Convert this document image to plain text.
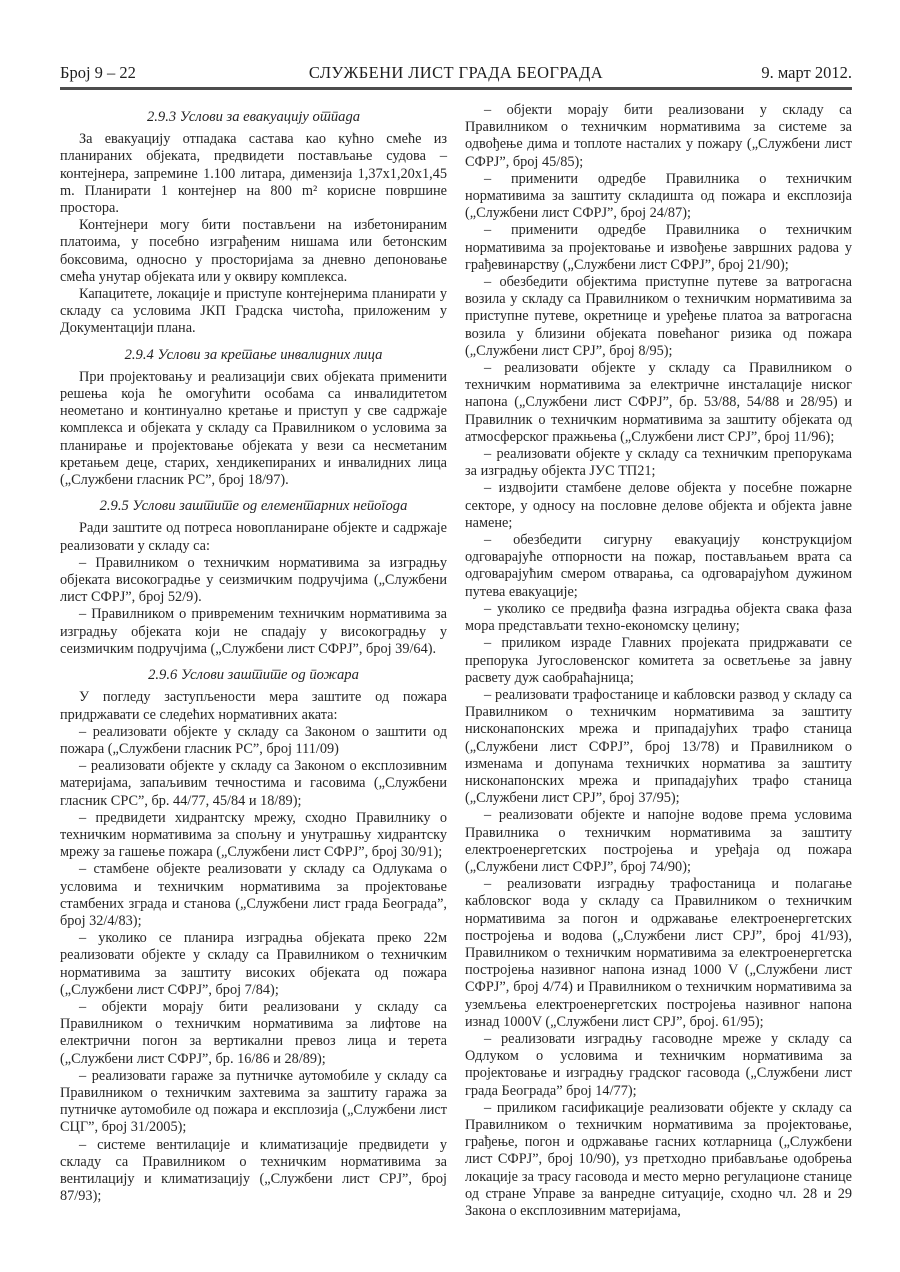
Број 9 – 22	СЛУЖБЕНИ ЛИСТ ГРАДА БЕОГРАДА	9. март 2012.
2.9.3 Услови за евакуацију отпада

За евакуацију отпадака састава као кућно смеће из планираних објеката, предвидети постављање судова – контејнера, запремине 1.100 литара, димензија 1,37x1,20x1,45 m. Планирати 1 контејнер на 800 m² корисне површине простора.

Контејнери могу бити постављени на избетонираним платоима, у посебно изграђеним нишама или бетонским боксовима, односно у просторијама за дневно депоновање смећа унутар објеката или у оквиру комплекса.

Капацитете, локације и приступе контејнерима планирати у складу са условима ЈКП Градска чистоћа, приложеним у Документацији плана.

2.9.4 Услови за кретање инвалидних лица

При пројектовању и реализацији свих објеката применити решења која ће омогућити особама са инвалидитетом неометано и континуално кретање и приступ у све садржаје комплекса и објеката у складу са Правилником о условима за планирање и пројектовање објеката у вези са несметаним кретањем деце, старих, хендикепираних и инвалидних лица („Службени гласник РС”, број 18/97).

2.9.5 Услови заштите од елементарних непогода

Ради заштите од потреса новопланиране објекте и садржаје реализовати у складу са:

– Правилником о техничким нормативима за изградњу објеката високоградње у сеизмичким подручјима („Службени лист СФРЈ”, број 52/9).

– Правилником о привременим техничким нормативима за изградњу објеката који не спадају у високоградњу у сеизмичким подручјима („Службени лист СФРЈ”, број 39/64).

2.9.6 Услови заштите од пожара

У погледу заступљености мера заштите од пожара придржавати се следећих нормативних аката:

– реализовати објекте у складу са Законом о заштити од пожара („Службени гласник РС”, број 111/09)

– реализовати објекте у складу са Законом о експлозивним материјама, запаљивим течностима и гасовима („Службени гласник СРС”, бр. 44/77, 45/84 и 18/89);

– предвидети хидрантску мрежу, сходно Правилнику о техничким нормативима за спољну и унутрашњу хидрантску мрежу за гашење пожара („Службени лист СФРЈ”, број 30/91);

– стамбене објекте реализовати у складу са Одлукама о условима и техничким нормативима за пројектовање стамбених зграда и станова („Службени лист града Београда”, број 32/4/83);

– уколико се планира изградња објеката преко 22м реализовати објекте у складу са Правилником о техничким нормативима за заштиту високих објеката од пожара („Службени лист СФРЈ”, број 7/84);

– објекти морају бити реализовани у складу са Правилником о техничким нормативима за лифтове на електрични погон за вертикални превоз лица и терета („Службени лист СФРЈ”, бр. 16/86 и 28/89);

– реализовати гараже за путничке аутомобиле у складу са Правилником о техничким захтевима за заштиту гаража за путничке аутомобиле од пожара и експлозија („Службени лист СЦГ”, број 31/2005);

– системе вентилације и климатизације предвидети у складу са Правилником о техничким нормативима за вентилацију и климатизацију („Службени лист СРЈ”, број 87/93);

– објекти морају бити реализовани у складу са Правилником о техничким нормативима за системе за одвођење дима и топлоте насталих у пожару („Службени лист СФРЈ”, број 45/85);

– применити одредбе Правилника о техничким нормативима за заштиту складишта од пожара и експлозија („Службени лист СФРЈ”, број 24/87);

– применити одредбе Правилника о техничким нормативима за пројектовање и извођење завршних радова у грађевинарству („Службени лист СФРЈ”, број 21/90);

– обезбедити објектима приступне путеве за ватрогасна возила у складу са Правилником о техничким нормативима за приступне путеве, окретнице и уређење платоа за ватрогасна возила у близини објеката повећаног ризика од пожара („Службени лист СРЈ”, број 8/95);

– реализовати објекте у складу са Правилником о техничким нормативима за електричне инсталације ниског напона („Службени лист СФРЈ”, бр. 53/88, 54/88 и 28/95) и Правилник о техничким нормативима за заштиту објеката од атмосферског пражњења („Службени лист СРЈ”, број 11/96);

– реализовати објекте у складу са техничким препорукама за изградњу објекта ЈУС ТП21;

– издвојити стамбене делове објекта у посебне пожарне секторе, у односу на пословне делове објекта и објекта јавне намене;

– обезбедити сигурну евакуацију конструкцијом одговарајуће отпорности на пожар, постављањем врата са одговарајућим смером отварања, са одговарајућом дужином путева евакуације;

– уколико се предвиђа фазна изградња објекта свака фаза мора представљати техно-економску целину;

– приликом израде Главних пројеката придржавати се препорука Југословенског комитета за осветљење за јавну расвету дуж саобраћајница;

– реализовати трафостанице и кабловски развод у складу са Правилником о техничким нормативима за заштиту нисконапонских мрежа и припадајућих трафо станица („Службени лист СФРЈ”, број 13/78) и Правилником о изменама и допунама техничких норматива за заштиту нисконапонских мрежа и припадајућих трафо станица („Службени лист СРЈ”, број 37/95);

– реализовати објекте и напојне водове према условима Правилника о техничким нормативима за заштиту електроенергетских постројења и уређаја од пожара („Службени лист СФРЈ”, број 74/90);

– реализовати изградњу трафостаница и полагање кабловског вода у складу са Правилником о техничким нормативима за погон и одржавање електроенергетских постројења и водова („Службени лист СРЈ”, број 41/93), Правилником о техничким нормативима за електроенергетска постројења називног напона изнад 1000 V („Службени лист СФРЈ”, број 4/74) и Правилником о техничким нормативима за уземљења електроенергетских постројења називног напона изнад 1000V („Службени лист СРЈ”, број. 61/95);

– реализовати изградњу гасоводне мреже у складу са Одлуком о условима и техничким нормативима за пројектовање и изградњу градског гасовода („Службени лист града Београда” број 14/77);

– приликом гасификације реализовати објекте у складу са Правилником о техничким нормативима за пројектовање, грађење, погон и одржавање гасних котларница („Службени лист СФРЈ”, број 10/90), уз претходно прибављање одобрења локације за трасу гасовода и место мерно регулационе станице од стране Управе за ванредне ситуације, сходно чл. 28 и 29 Закона о експлозивним материјама,
